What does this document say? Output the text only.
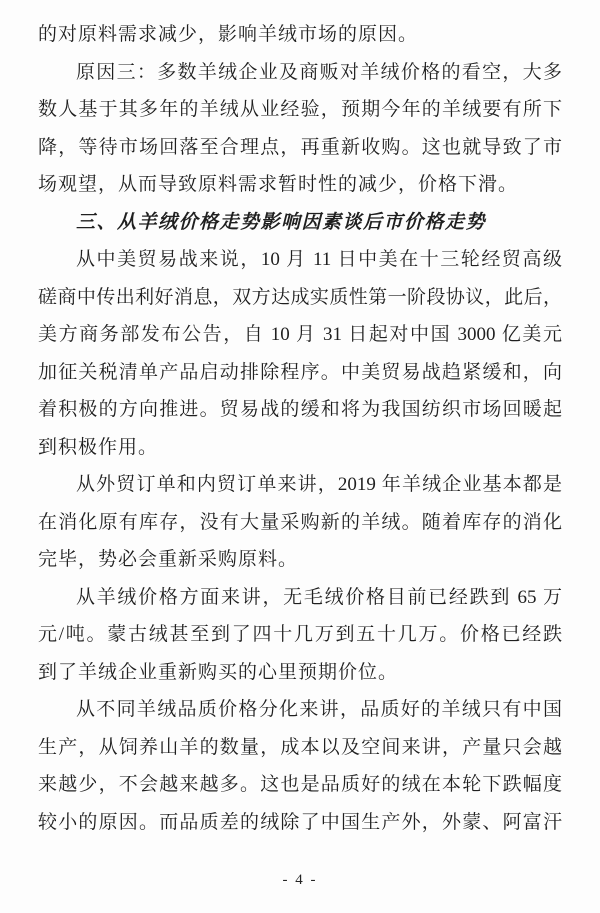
的对原料需求减少，影响羊绒市场的原因。
原因三：多数羊绒企业及商贩对羊绒价格的看空，大多
数人基于其多年的羊绒从业经验，预期今年的羊绒要有所下
降，等待市场回落至合理点，再重新收购。这也就导致了市
场观望，从而导致原料需求暂时性的减少，价格下滑。
三、从羊绒价格走势影响因素谈后市价格走势
从中美贸易战来说，10 月 11 日中美在十三轮经贸高级
磋商中传出利好消息，双方达成实质性第一阶段协议，此后，
美方商务部发布公告，自 10 月 31 日起对中国 3000 亿美元
加征关税清单产品启动排除程序。中美贸易战趋紧缓和，向
着积极的方向推进。贸易战的缓和将为我国纺织市场回暖起
到积极作用。
从外贸订单和内贸订单来讲，2019 年羊绒企业基本都是
在消化原有库存，没有大量采购新的羊绒。随着库存的消化
完毕，势必会重新采购原料。
从羊绒价格方面来讲，无毛绒价格目前已经跌到 65 万
元/吨。蒙古绒甚至到了四十几万到五十几万。价格已经跌
到了羊绒企业重新购买的心里预期价位。
从不同羊绒品质价格分化来讲，品质好的羊绒只有中国
生产，从饲养山羊的数量，成本以及空间来讲，产量只会越
来越少，不会越来越多。这也是品质好的绒在本轮下跌幅度
较小的原因。而品质差的绒除了中国生产外，外蒙、阿富汗
- 4 -
